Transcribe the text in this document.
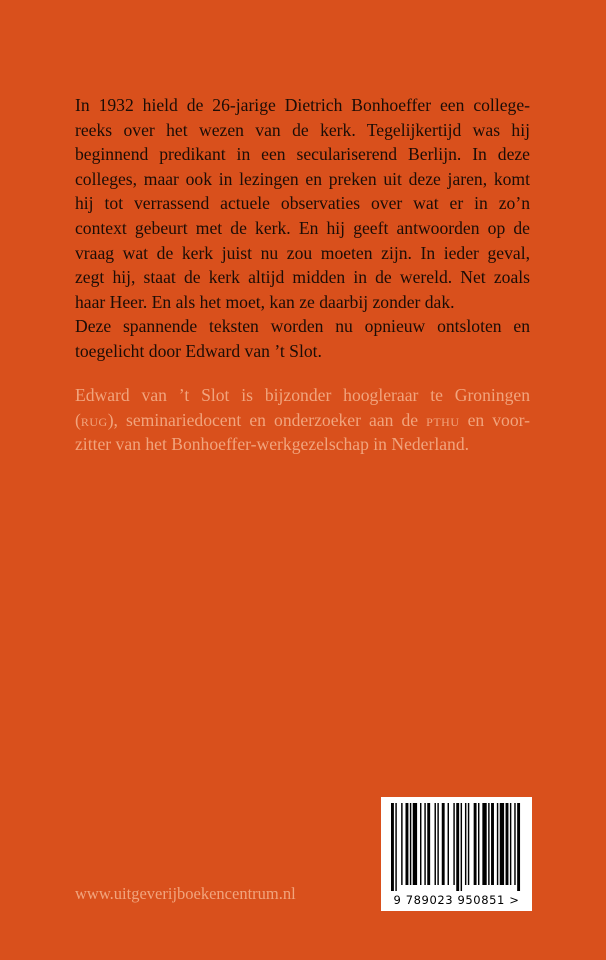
In 1932 hield de 26-jarige Dietrich Bonhoeffer een college-
reeks over het wezen van de kerk. Tegelijkertijd was hij
beginnend predikant in een seculariserend Berlijn. In deze
colleges, maar ook in lezingen en preken uit deze jaren, komt
hij tot verrassend actuele observaties over wat er in zo’n
context gebeurt met de kerk. En hij geeft antwoorden op de
vraag wat de kerk juist nu zou moeten zijn. In ieder geval,
zegt hij, staat de kerk altijd midden in de wereld. Net zoals
haar Heer. En als het moet, kan ze daarbij zonder dak.
Deze spannende teksten worden nu opnieuw ontsloten en
toegelicht door Edward van ’t Slot.
Edward van ’t Slot is bijzonder hoogleraar te Groningen
(rug), seminariedocent en onderzoeker aan de pthu en voor-
zitter van het Bonhoeffer-werkgezelschap in Nederland.
www.uitgeverijboekencentrum.nl	9 789023 950851 >
